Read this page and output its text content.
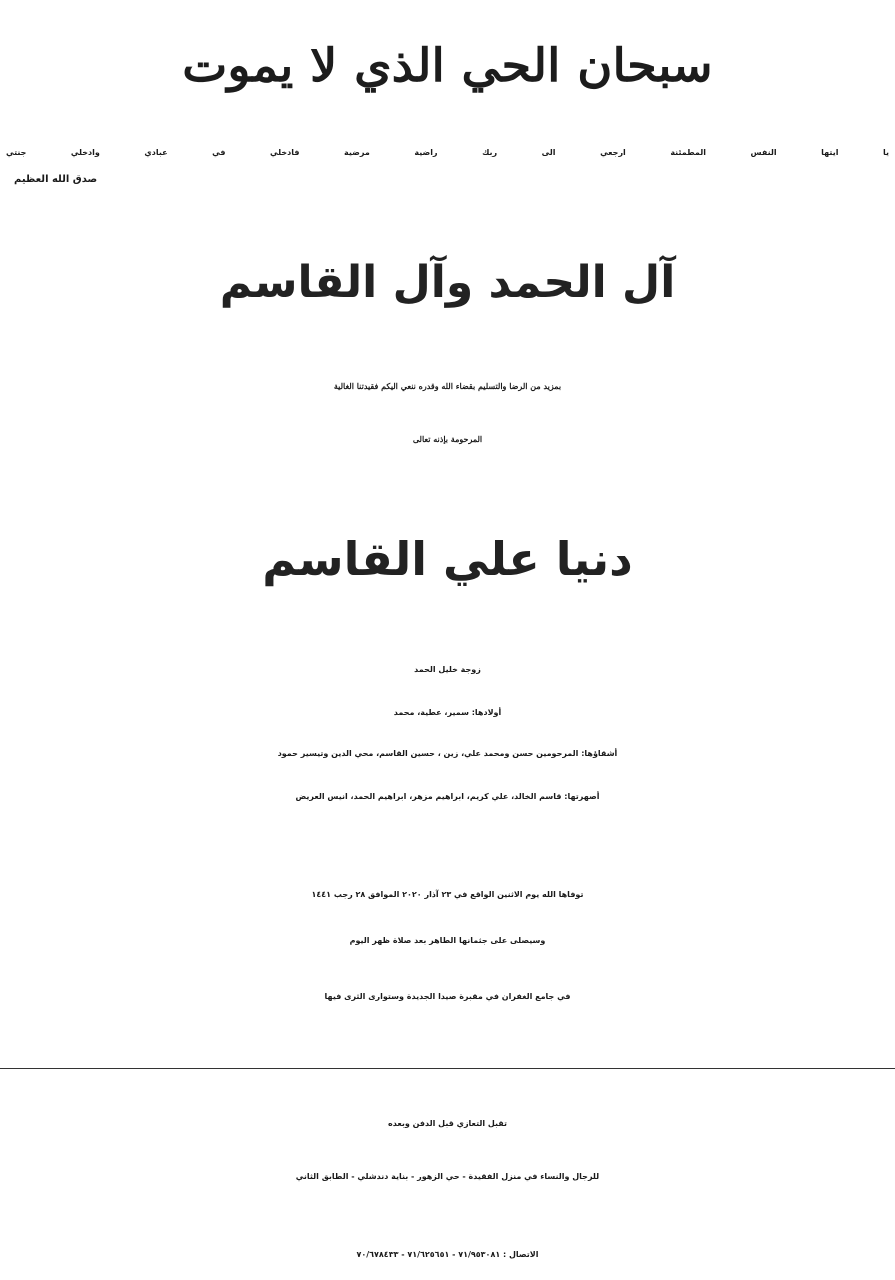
سبحان الحي الذي لا يموت
يا ايتها النفس المطمئنة ارجعي الى ربك راضية مرضية فادخلي في عبادي وادخلي جنتي
صدق الله العظيم
آل الحمد وآل القاسم
بمزيد من الرضا والتسليم بقضاء الله وقدره ننعي اليكم فقيدتنا الغالية
المرحومة بإذنه تعالى
دنيا علي القاسم
زوجة خليل الحمد
أولادها: سمير، عطية، محمد
أشقاؤها: المرحومين حسن ومحمد علي، زين ، حسين القاسم، محي الدين وتيسير حمود
أصهرتها: قاسم الخالد، علي كريم، ابراهيم مزهر، ابراهيم الحمد، انيس العريض
توفاها الله يوم الاثنين الواقع في ٢٣ آذار ٢٠٢٠ الموافق ٢٨ رجب ١٤٤١
وسيصلى على جثمانها الطاهر بعد صلاة ظهر اليوم
في جامع الغفران في مقبرة صيدا الجديدة وستوارى الثرى فيها
تقبل التعازي قبل الدفن وبعده
للرجال والنساء في منزل الفقيدة - حي الزهور - بناية دندشلي - الطابق الثاني
الاتصال : ٧١/٩٥٣٠٨١ - ٧١/٦٢٥٦٥١ - ٧٠/٦٧٨٤٣٣
